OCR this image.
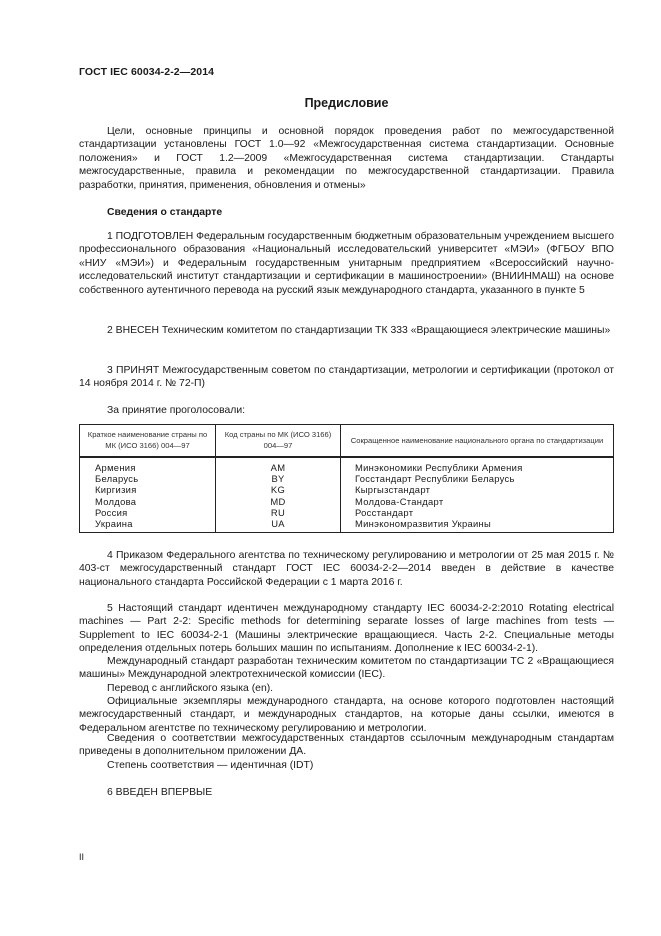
ГОСТ IEC 60034-2-2—2014
Предисловие
Цели, основные принципы и основной порядок проведения работ по межгосударственной стандартизации установлены ГОСТ 1.0—92 «Межгосударственная система стандартизации. Основные положения» и ГОСТ 1.2—2009 «Межгосударственная система стандартизации. Стандарты межгосударственные, правила и рекомендации по межгосударственной стандартизации. Правила разработки, принятия, применения, обновления и отмены»
Сведения о стандарте
1 ПОДГОТОВЛЕН Федеральным государственным бюджетным образовательным учреждением высшего профессионального образования «Национальный исследовательский университет «МЭИ» (ФГБОУ ВПО «НИУ «МЭИ») и Федеральным государственным унитарным предприятием «Всероссийский научно-исследовательский институт стандартизации и сертификации в машиностроении» (ВНИИНМАШ) на основе собственного аутентичного перевода на русский язык международного стандарта, указанного в пункте 5
2 ВНЕСЕН Техническим комитетом по стандартизации ТК 333 «Вращающиеся электрические машины»
3 ПРИНЯТ Межгосударственным советом по стандартизации, метрологии и сертификации (протокол от 14 ноября 2014 г. № 72-П)
За принятие проголосовали:
Краткое наименование страны по МК (ИСО 3166) 004—97	Код страны по МК (ИСО 3166) 004—97	Сокращенное наименование национального органа по стандартизации
Армения	AM	Минэкономики Республики Армения
Беларусь	BY	Госстандарт Республики Беларусь
Киргизия	KG	Кыргызстандарт
Молдова	MD	Молдова-Стандарт
Россия	RU	Росстандарт
Украина	UA	Минэкономразвития Украины
4 Приказом Федерального агентства по техническому регулированию и метрологии от 25 мая 2015 г. № 403-ст межгосударственный стандарт ГОСТ IEC 60034-2-2—2014 введен в действие в качестве национального стандарта Российской Федерации с 1 марта 2016 г.
5 Настоящий стандарт идентичен международному стандарту IEC 60034-2-2:2010 Rotating electrical machines — Part 2-2: Specific methods for determining separate losses of large machines from tests — Supplement to IEC 60034-2-1 (Машины электрические вращающиеся. Часть 2-2. Специальные методы определения отдельных потерь больших машин по испытаниям. Дополнение к IEC 60034-2-1).
Международный стандарт разработан техническим комитетом по стандартизации ТС 2 «Вращающиеся машины» Международной электротехнической комиссии (IEC).
Перевод с английского языка (en).
Официальные экземпляры международного стандарта, на основе которого подготовлен настоящий межгосударственный стандарт, и международных стандартов, на которые даны ссылки, имеются в Федеральном агентстве по техническому регулированию и метрологии.
Сведения о соответствии межгосударственных стандартов ссылочным международным стандартам приведены в дополнительном приложении ДА.
Степень соответствия — идентичная (IDT)
6 ВВЕДЕН ВПЕРВЫЕ
II
